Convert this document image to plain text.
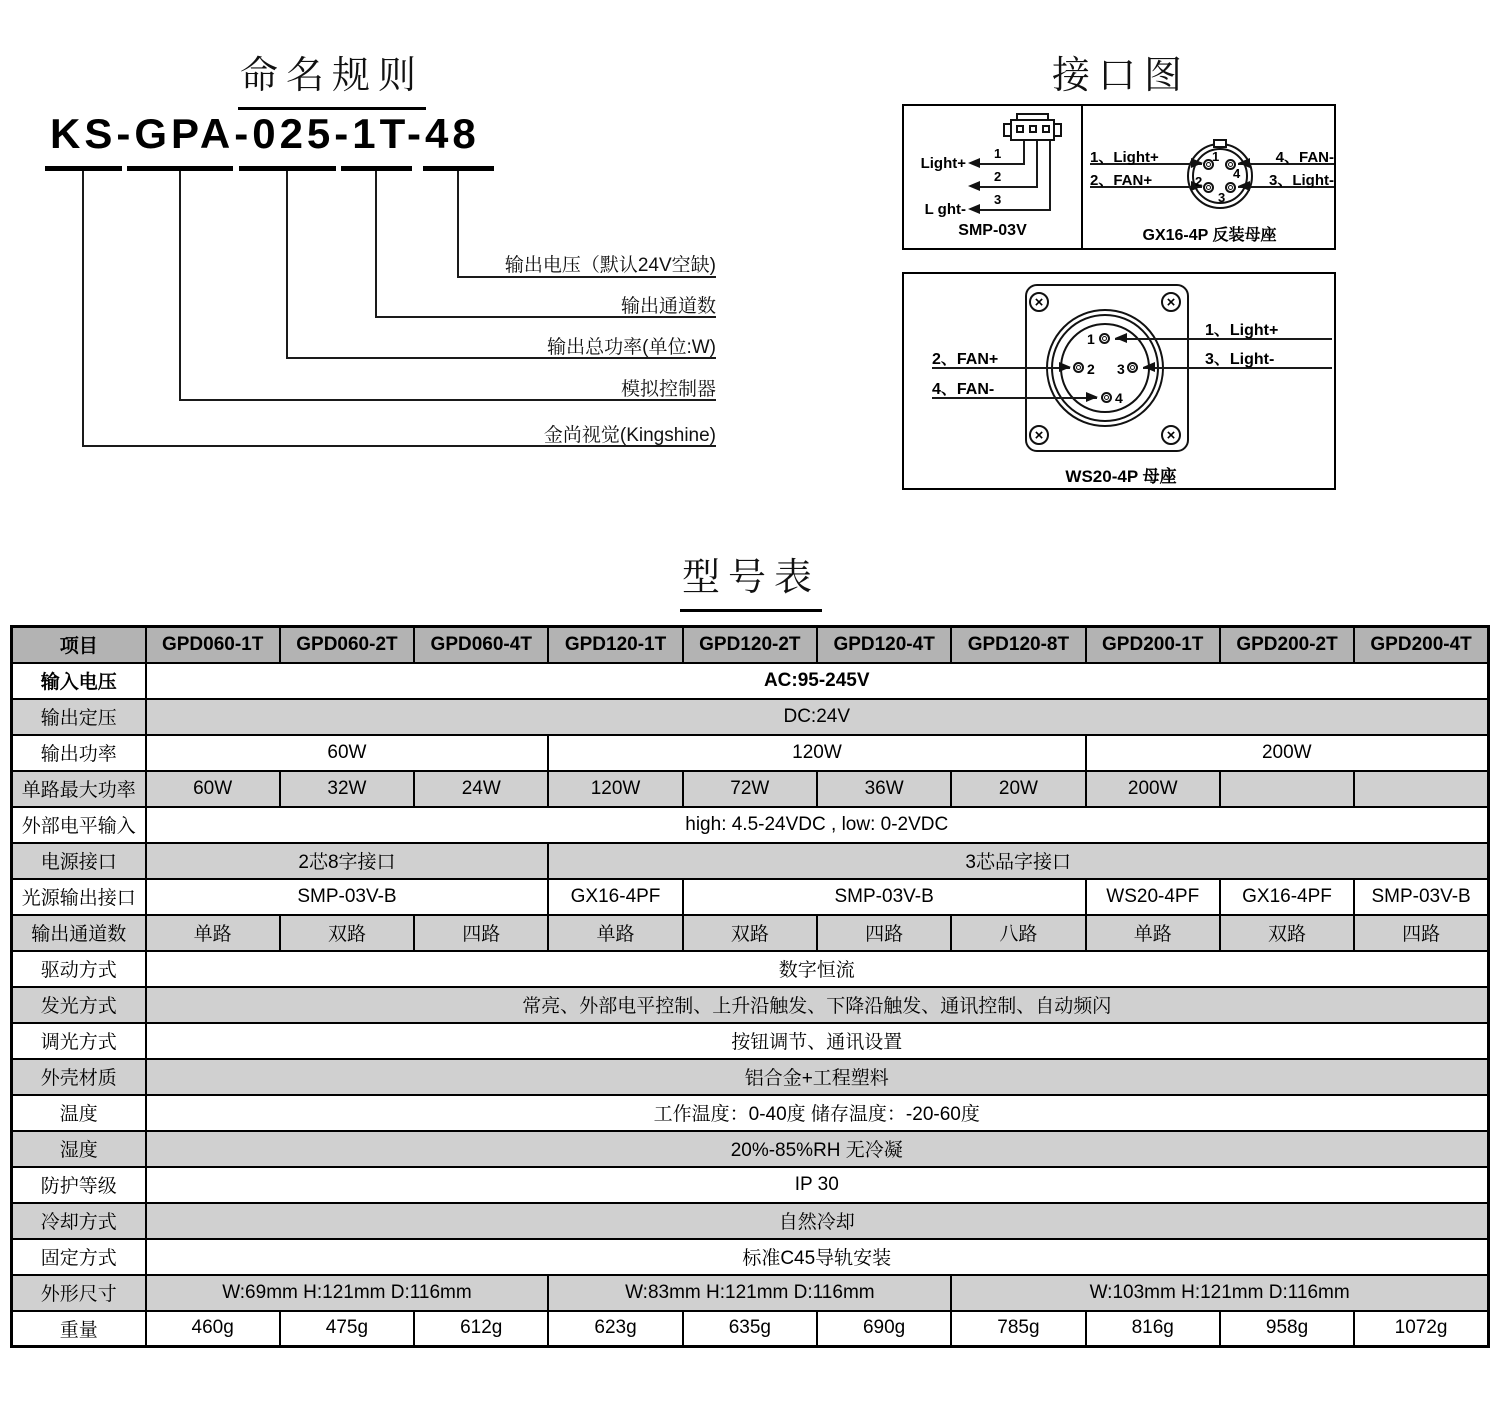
命名规则
KS-GPA-025-1T-48
输出电压（默认24V空缺)
输出通道数
输出总功率(单位:W)
模拟控制器
金尚视觉(Kingshine)
接口图
1
2
3
Light+
L ght-
SMP-03V
1
4
2
3
1、Light+
2、FAN+
4、FAN-
3、Light-
GX16-4P 反装母座
×	×
×	×
1
2 3
4
2、FAN+
4、FAN-
1、Light+
3、Light-
WS20-4P 母座
型号表
项目	GPD060-1T	GPD060-2T	GPD060-4T	GPD120-1T	GPD120-2T	GPD120-4T	GPD120-8T	GPD200-1T	GPD200-2T	GPD200-4T
输入电压	AC:95-245V									
输出定压	DC:24V									
输出功率	60W			120W				200W		
单路最大功率	60W	32W	24W	120W	72W	36W	20W	200W		
外部电平输入	high: 4.5-24VDC , low: 0-2VDC									
电源接口	2芯8字接口			3芯品字接口						
光源输出接口	SMP-03V-B			GX16-4PF	SMP-03V-B			WS20-4PF	GX16-4PF	SMP-03V-B
输出通道数	单路	双路	四路	单路	双路	四路	八路	单路	双路	四路
驱动方式	数字恒流									
发光方式	常亮、外部电平控制、上升沿触发、下降沿触发、通讯控制、自动频闪									
调光方式	按钮调节、通讯设置									
外壳材质	铝合金+工程塑料									
温度	工作温度：0-40度 储存温度：-20-60度									
湿度	20%-85%RH 无冷凝									
防护等级	IP 30									
冷却方式	自然冷却									
固定方式	标准C45导轨安装									
外形尺寸	W:69mm H:121mm D:116mm			W:83mm H:121mm D:116mm			W:103mm H:121mm D:116mm			
重量	460g	475g	612g	623g	635g	690g	785g	816g	958g	1072g
